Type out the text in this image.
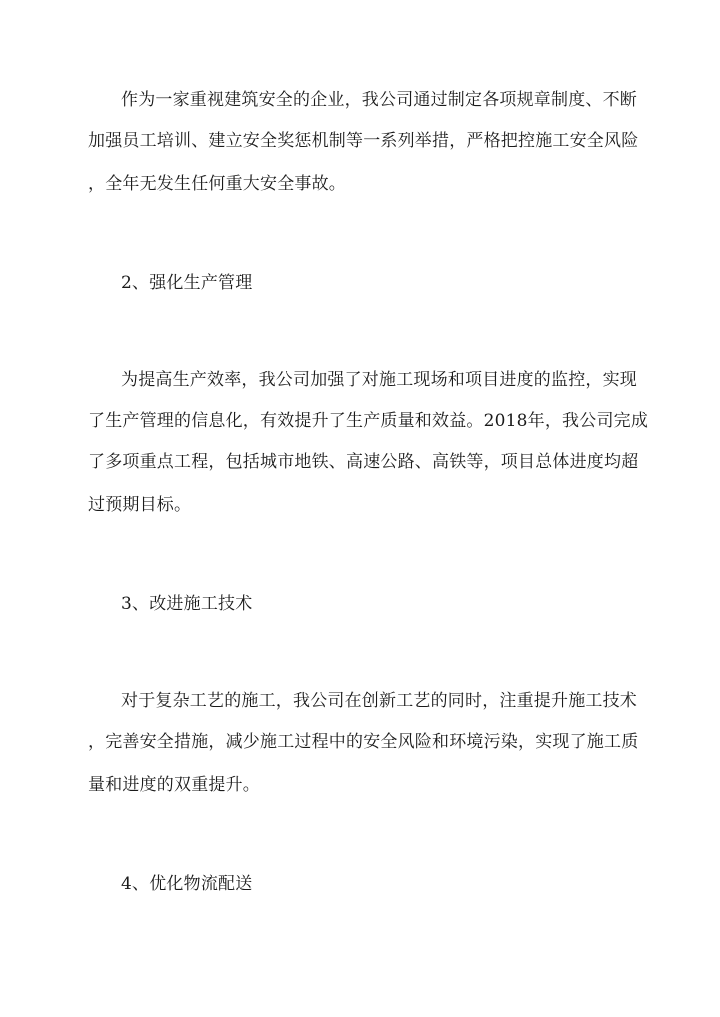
作为一家重视建筑安全的企业，我公司通过制定各项规章制度、不断
加强员工培训、建立安全奖惩机制等一系列举措，严格把控施工安全风险
，全年无发生任何重大安全事故。
2、强化生产管理
为提高生产效率，我公司加强了对施工现场和项目进度的监控，实现
了生产管理的信息化，有效提升了生产质量和效益。2018年，我公司完成
了多项重点工程，包括城市地铁、高速公路、高铁等，项目总体进度均超
过预期目标。
3、改进施工技术
对于复杂工艺的施工，我公司在创新工艺的同时，注重提升施工技术
，完善安全措施，减少施工过程中的安全风险和环境污染，实现了施工质
量和进度的双重提升。
4、优化物流配送
